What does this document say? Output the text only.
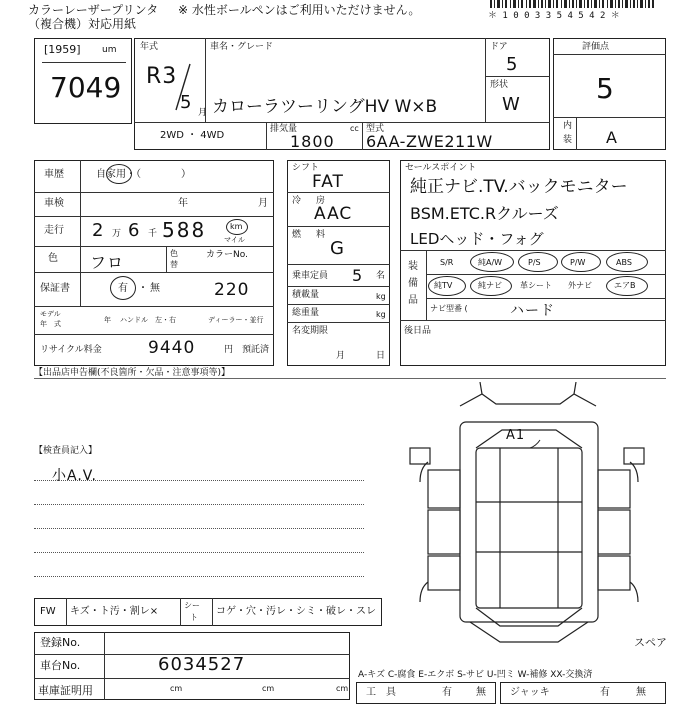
カラーレーザープリンタ
（複合機）対応用紙
※ 水性ボールペンはご利用いただけません。	＊ 1 0 0 3 3 5 4 5 4 2 ＊
[1959] um
7049
年式
R3
5 月
車名・グレード
カローラツーリングHV W×B
ドア
5
形状
W
2WD ・ 4WD
排気量	cc
1800
型式
6AA-ZWE211W
評価点
5
内
装 A
車歴	自家用・（　　　　）
車検	年	月
走行 2 万 6 千 588	km
マイル
色 フロ	色
替
カラーNo.
保証書	有 ・ 無	220
モデル
年　式	年 ハンドル　左・右	ディーラー・並行
リサイクル料金	9440	円　預託済
シフト
FAT
冷 房
AAC
燃 料
G
乗車定員 5 名
積載量	kg
総重量	kg
名変期限
月	日
セールスポイント
純正ナビ.TV.バックモニター
BSM.ETC.Rクルーズ
LEDヘッド・フォグ
装
備
品
S/R	純A/W	P/S	P/W	ABS
純TV	純ナビ 革シート 外ナビ	エアB
ナビ型番 (	ハード
後日品
【出品店申告欄(不良箇所・欠品・注意事項等)】
【検査員記入】
小A.V.
A1
スペア
FW キズ・ト汚・割レ×
シー
ト
コゲ・穴・汚レ・シミ・破レ・スレ
登録No.
車台No.	6034527
車庫証明用	cm	cm	cm
A-キズ C-腐食 E-エクボ S-サビ U-凹ミ W-補修 XX-交換済
工　具	有 無 ジャッキ	有	無
